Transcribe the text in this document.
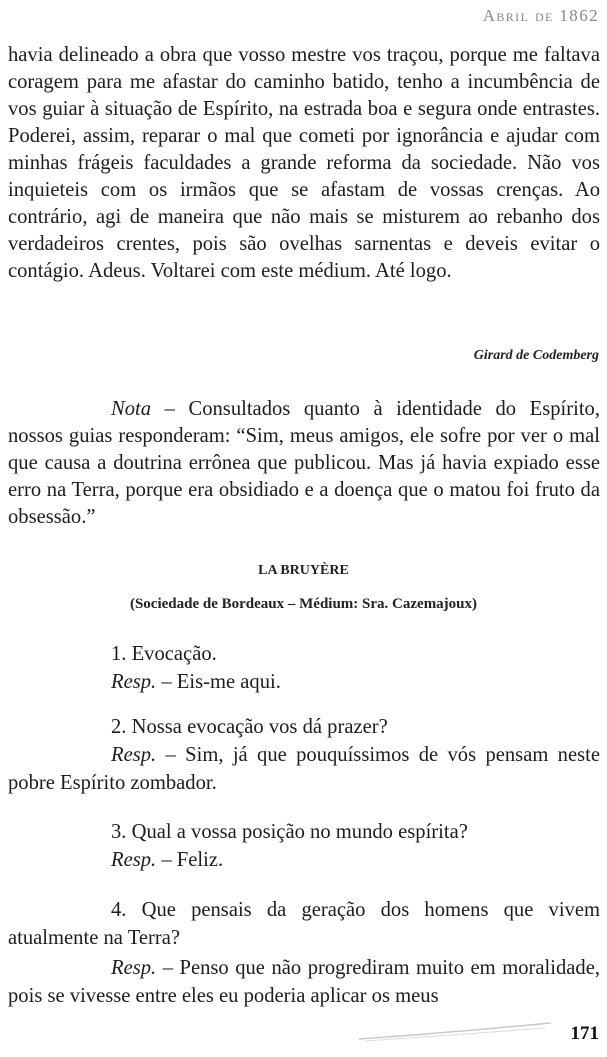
Abril de 1862

havia delineado a obra que vosso mestre vos traçou, porque me faltava coragem para me afastar do caminho batido, tenho a incumbência de vos guiar à situação de Espírito, na estrada boa e segura onde entrastes. Poderei, assim, reparar o mal que cometi por ignorância e ajudar com minhas frágeis faculdades a grande reforma da sociedade. Não vos inquieteis com os irmãos que se afastam de vossas crenças. Ao contrário, agi de maneira que não mais se misturem ao rebanho dos verdadeiros crentes, pois são ovelhas sarnentas e deveis evitar o contágio. Adeus. Voltarei com este médium. Até logo.

Girard de Codemberg

Nota – Consultados quanto à identidade do Espírito, nossos guias responderam: “Sim, meus amigos, ele sofre por ver o mal que causa a doutrina errônea que publicou. Mas já havia expiado esse erro na Terra, porque era obsidiado e a doença que o matou foi fruto da obsessão.”

LA BRUYÈRE
(Sociedade de Bordeaux – Médium: Sra. Cazemajoux)

1. Evocação.

Resp. – Eis-me aqui.

2. Nossa evocação vos dá prazer?

Resp. – Sim, já que pouquíssimos de vós pensam neste pobre Espírito zombador.

3. Qual a vossa posição no mundo espírita?

Resp. – Feliz.

4. Que pensais da geração dos homens que vivem atualmente na Terra?

Resp. – Penso que não progrediram muito em moralidade, pois se vivesse entre eles eu poderia aplicar os meus

171
